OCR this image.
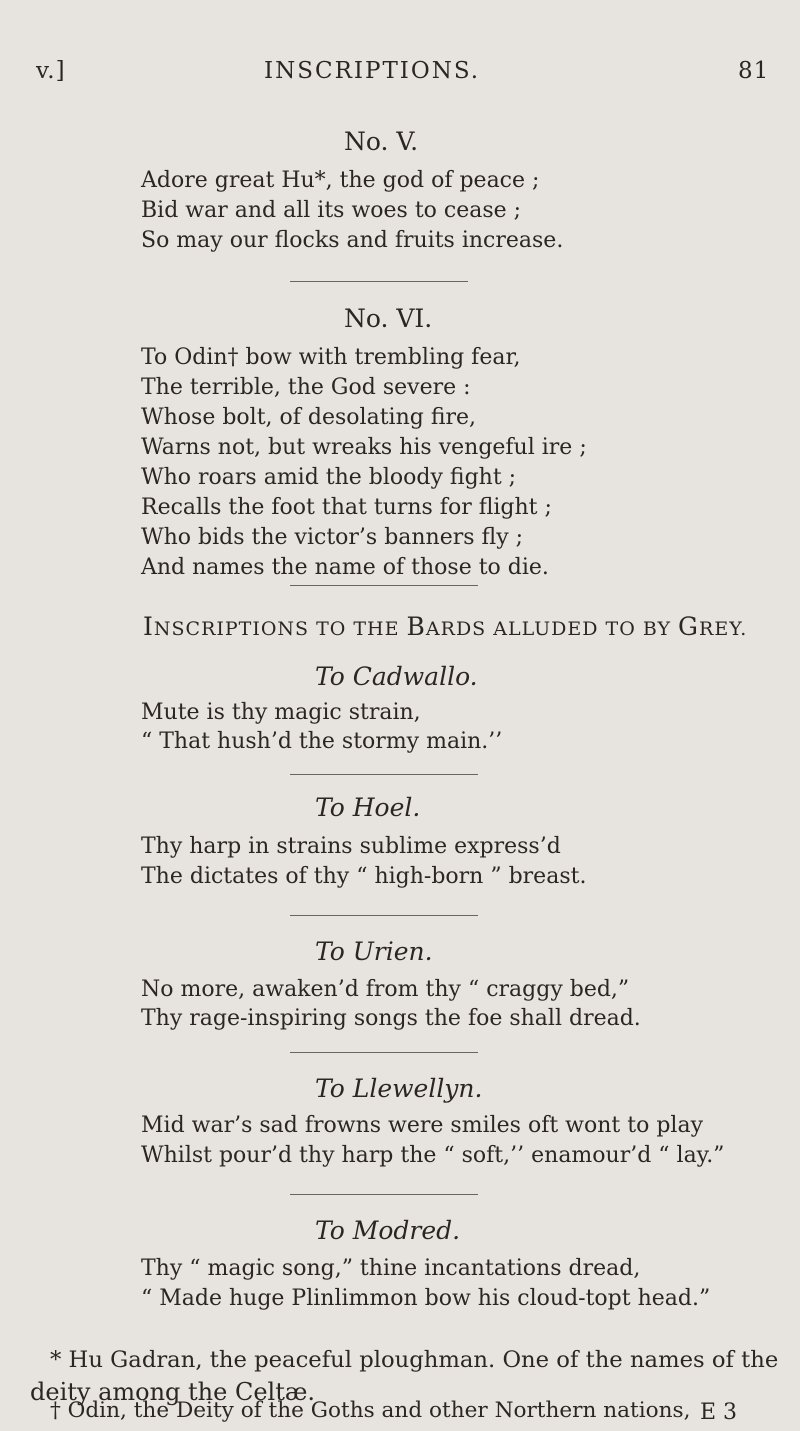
v.]	INSCRIPTIONS.	81
No. V.
Adore great Hu*, the god of peace ;
Bid war and all its woes to cease ;
So may our flocks and fruits increase.
No. VI.
To Odin† bow with trembling fear,
The terrible, the God severe :
Whose bolt, of desolating fire,
Warns not, but wreaks his vengeful ire ;
Who roars amid the bloody fight ;
Recalls the foot that turns for flight ;
Who bids the victor’s banners fly ;
And names the name of those to die.
INSCRIPTIONS TO THE BARDS ALLUDED TO BY GREY.
To Cadwallo.
Mute is thy magic strain,
“ That hush’d the stormy main.’’
To Hoel.
Thy harp in strains sublime express’d
The dictates of thy “ high-born ” breast.
To Urien.
No more, awaken’d from thy “ craggy bed,”
Thy rage-inspiring songs the foe shall dread.
To Llewellyn.
Mid war’s sad frowns were smiles oft wont to play
Whilst pour’d thy harp the “ soft,’’ enamour’d “ lay.”
To Modred.
Thy “ magic song,” thine incantations dread,
“ Made huge Plinlimmon bow his cloud-topt head.”
* Hu Gadran, the peaceful ploughman. One of the names of the
deity among the Celtæ.
† Odin, the Deity of the Goths and other Northern nations, E 3
